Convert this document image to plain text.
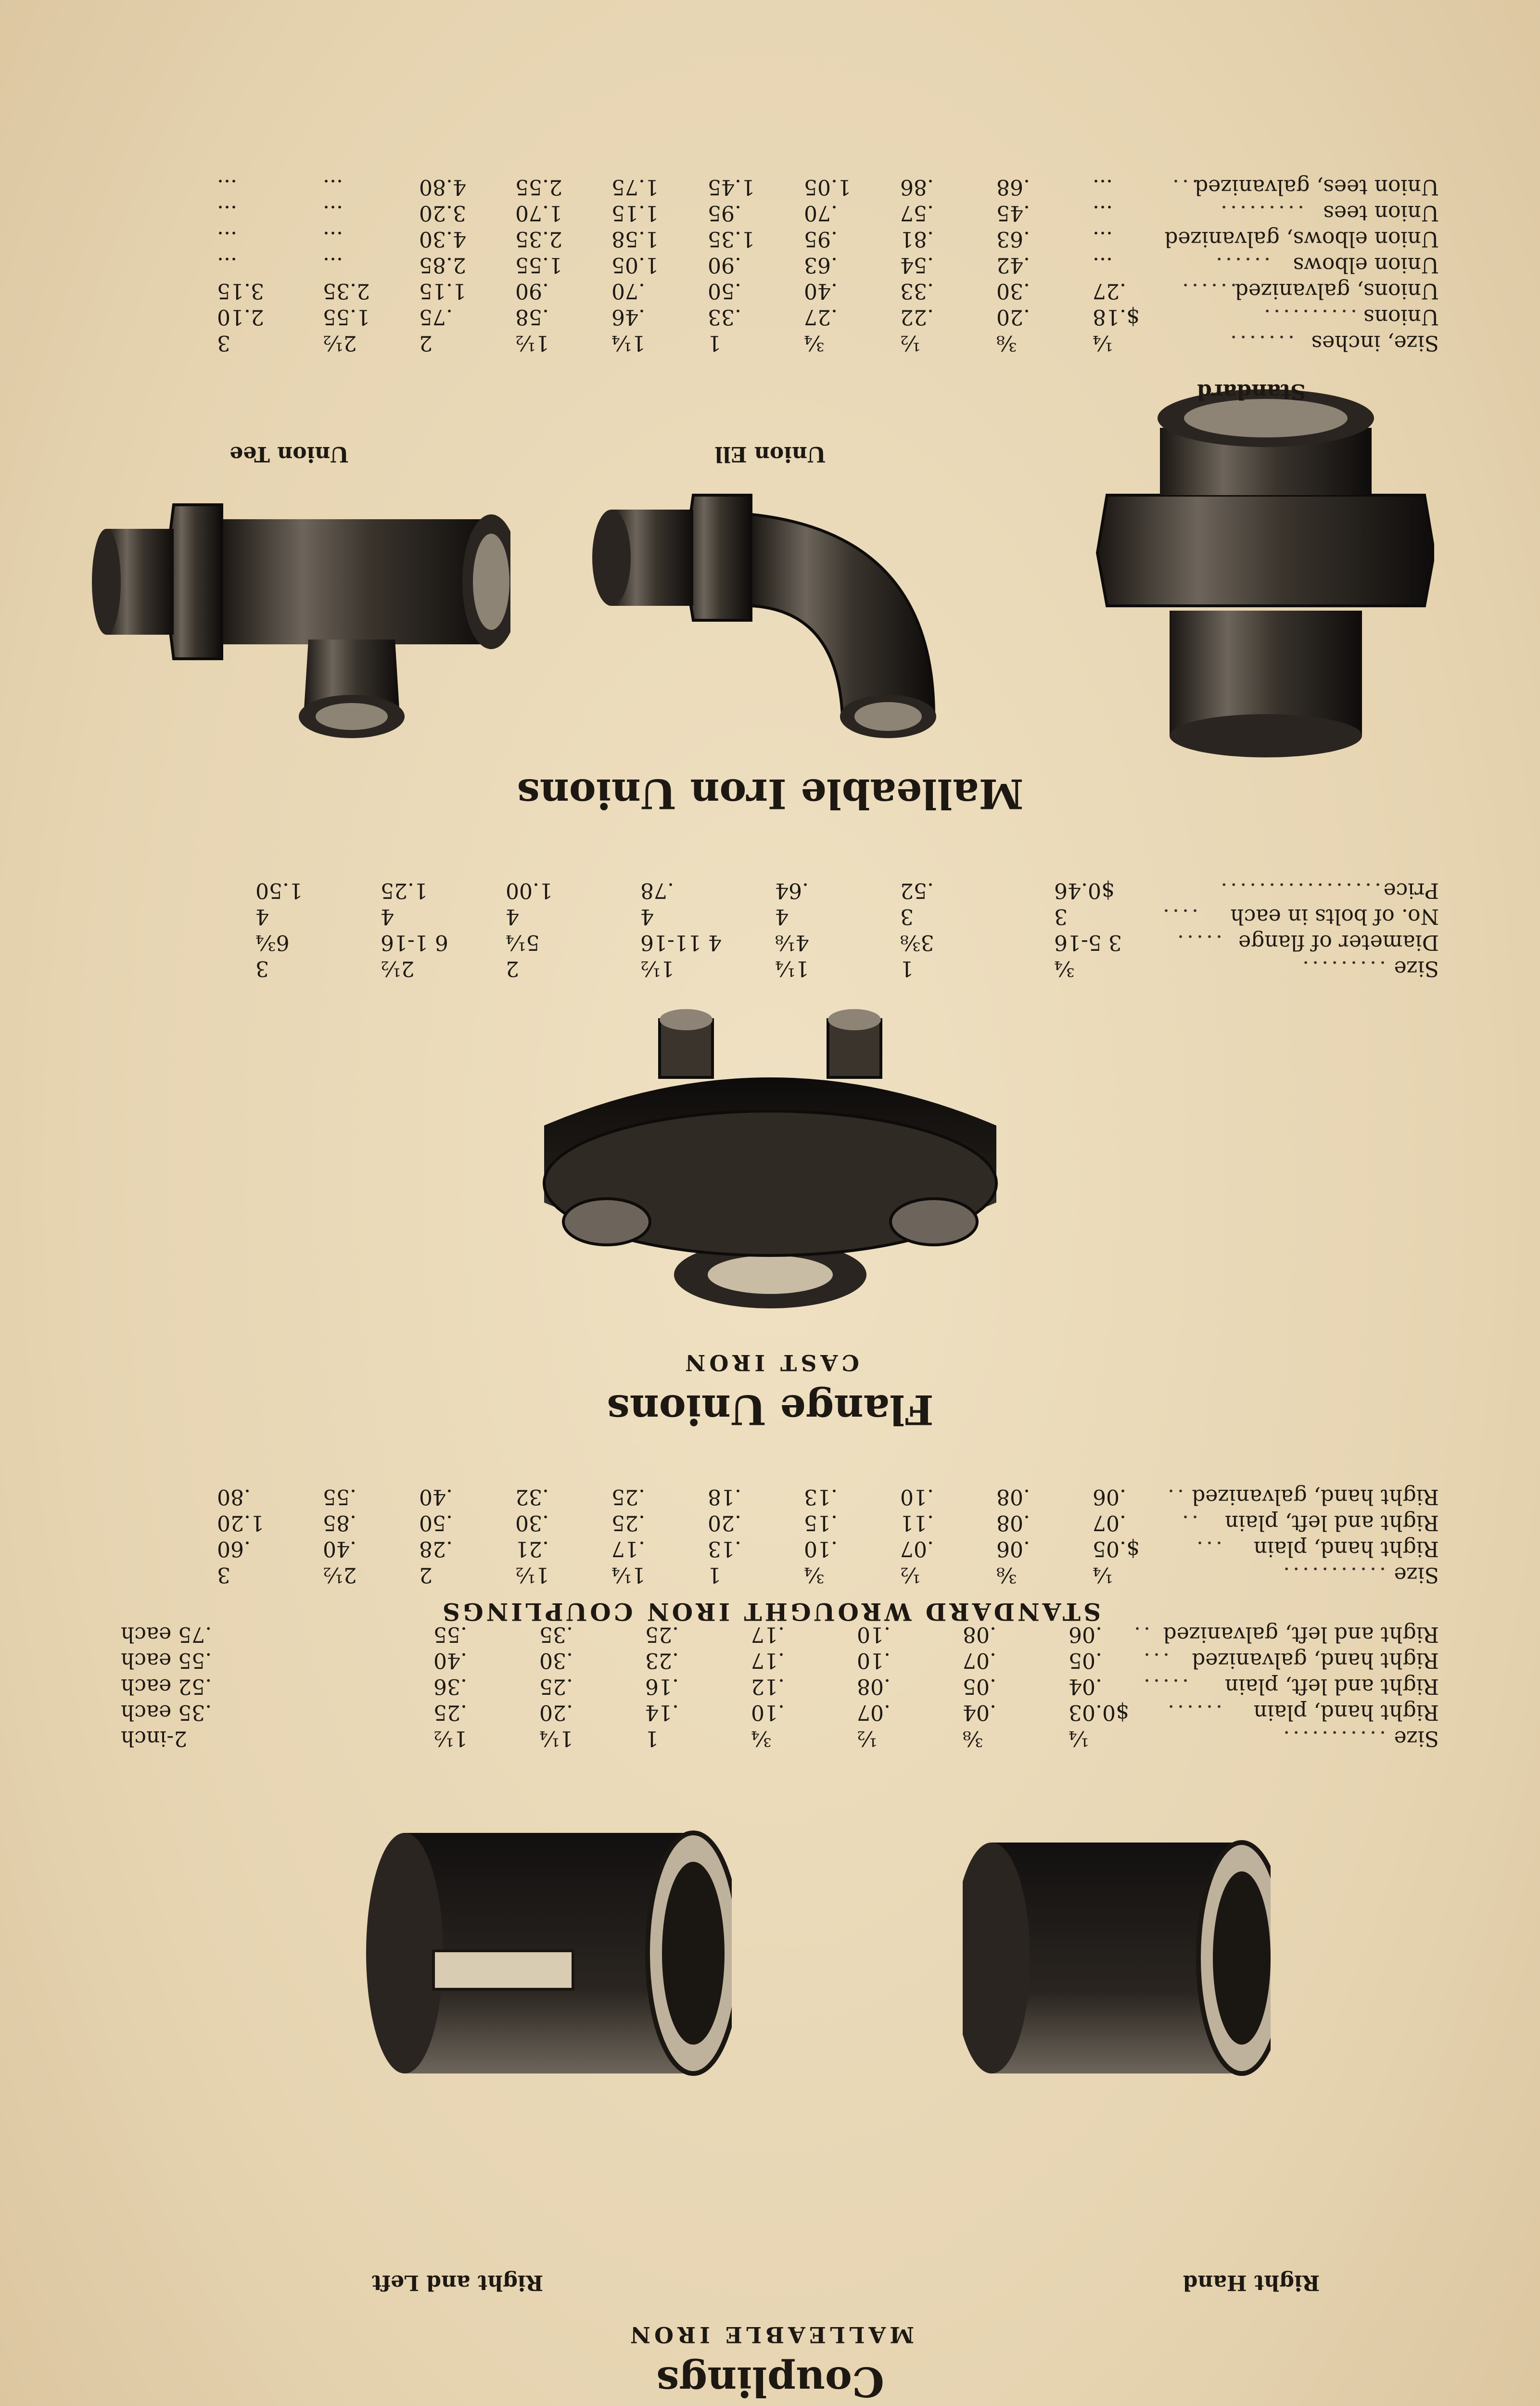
Couplings
MALLEABLE IRON
Right Hand
Right and Left
Size
...........
¼
⅜
½
¾
1
1¼
1½
2-inch
Right hand, plain
......
$0.03
.04
.07
.10
.14
.20
.25
.35 each
Right and left, plain
.....
.04
.05
.08
.12
.16
.25
.36
.52 each
Right hand, galvanized
...
.05
.07
.10
.17
.23
.30
.40
.55 each
Right and left, galvanized
..
.06
.08
.10
.17
.25
.35
.55
.75 each
STANDARD WROUGHT IRON COUPLINGS
Size
...........
¼
⅜
½
¾
1
1¼
1½
2
2½
3
Right hand, plain
...
$.05
.06
.07
.10
.13
.17
.21
.28
.40
.60
Right and left, plain
..
.07
.08
.11
.15
.20
.25
.30
.50
.85
1.20
Right hand, galvanized
..
.06
.08
.10
.13
.18
.25
.32
.40
.55
.80
Flange Unions
CAST IRON
Size
.........
¾
1
1¼
1½
2
2½
3
Diameter of flange
.....
3 5-16
3⅜
4⅛
4 11-16
5¼
6 1-16
6¾
No. of bolts in each
....
3
3
4
4
4
4
4
Price
.................
$0.46
.52
.64
.78
1.00
1.25
1.50
Malleable Iron Unions
Union Tee	Union Ell
Standard
Size, inches
.......
¼
⅜
½
¾
1
1¼
1½
2
2½
3
Unions
..........
$.18
.20
.22
.27
.33
.46
.58
.75
1.55
2.10
Unions, galvanized
......
.27
.30
.33
.40
.50
.70
.90
1.15
2.35
3.15
Union elbows
......
...
.42
.54
.63
.90
1.05
1.55
2.85
...
...
Union elbows, galvanized
...
.63
.81
.95
1.35
1.58
2.35
4.30
...
...
Union tees
.........
...
.45
.57
.70
.95
1.15
1.70
3.20
...
...
Union tees, galvanized
...
...
.68
.86
1.05
1.45
1.75
2.55
4.80
...
...
